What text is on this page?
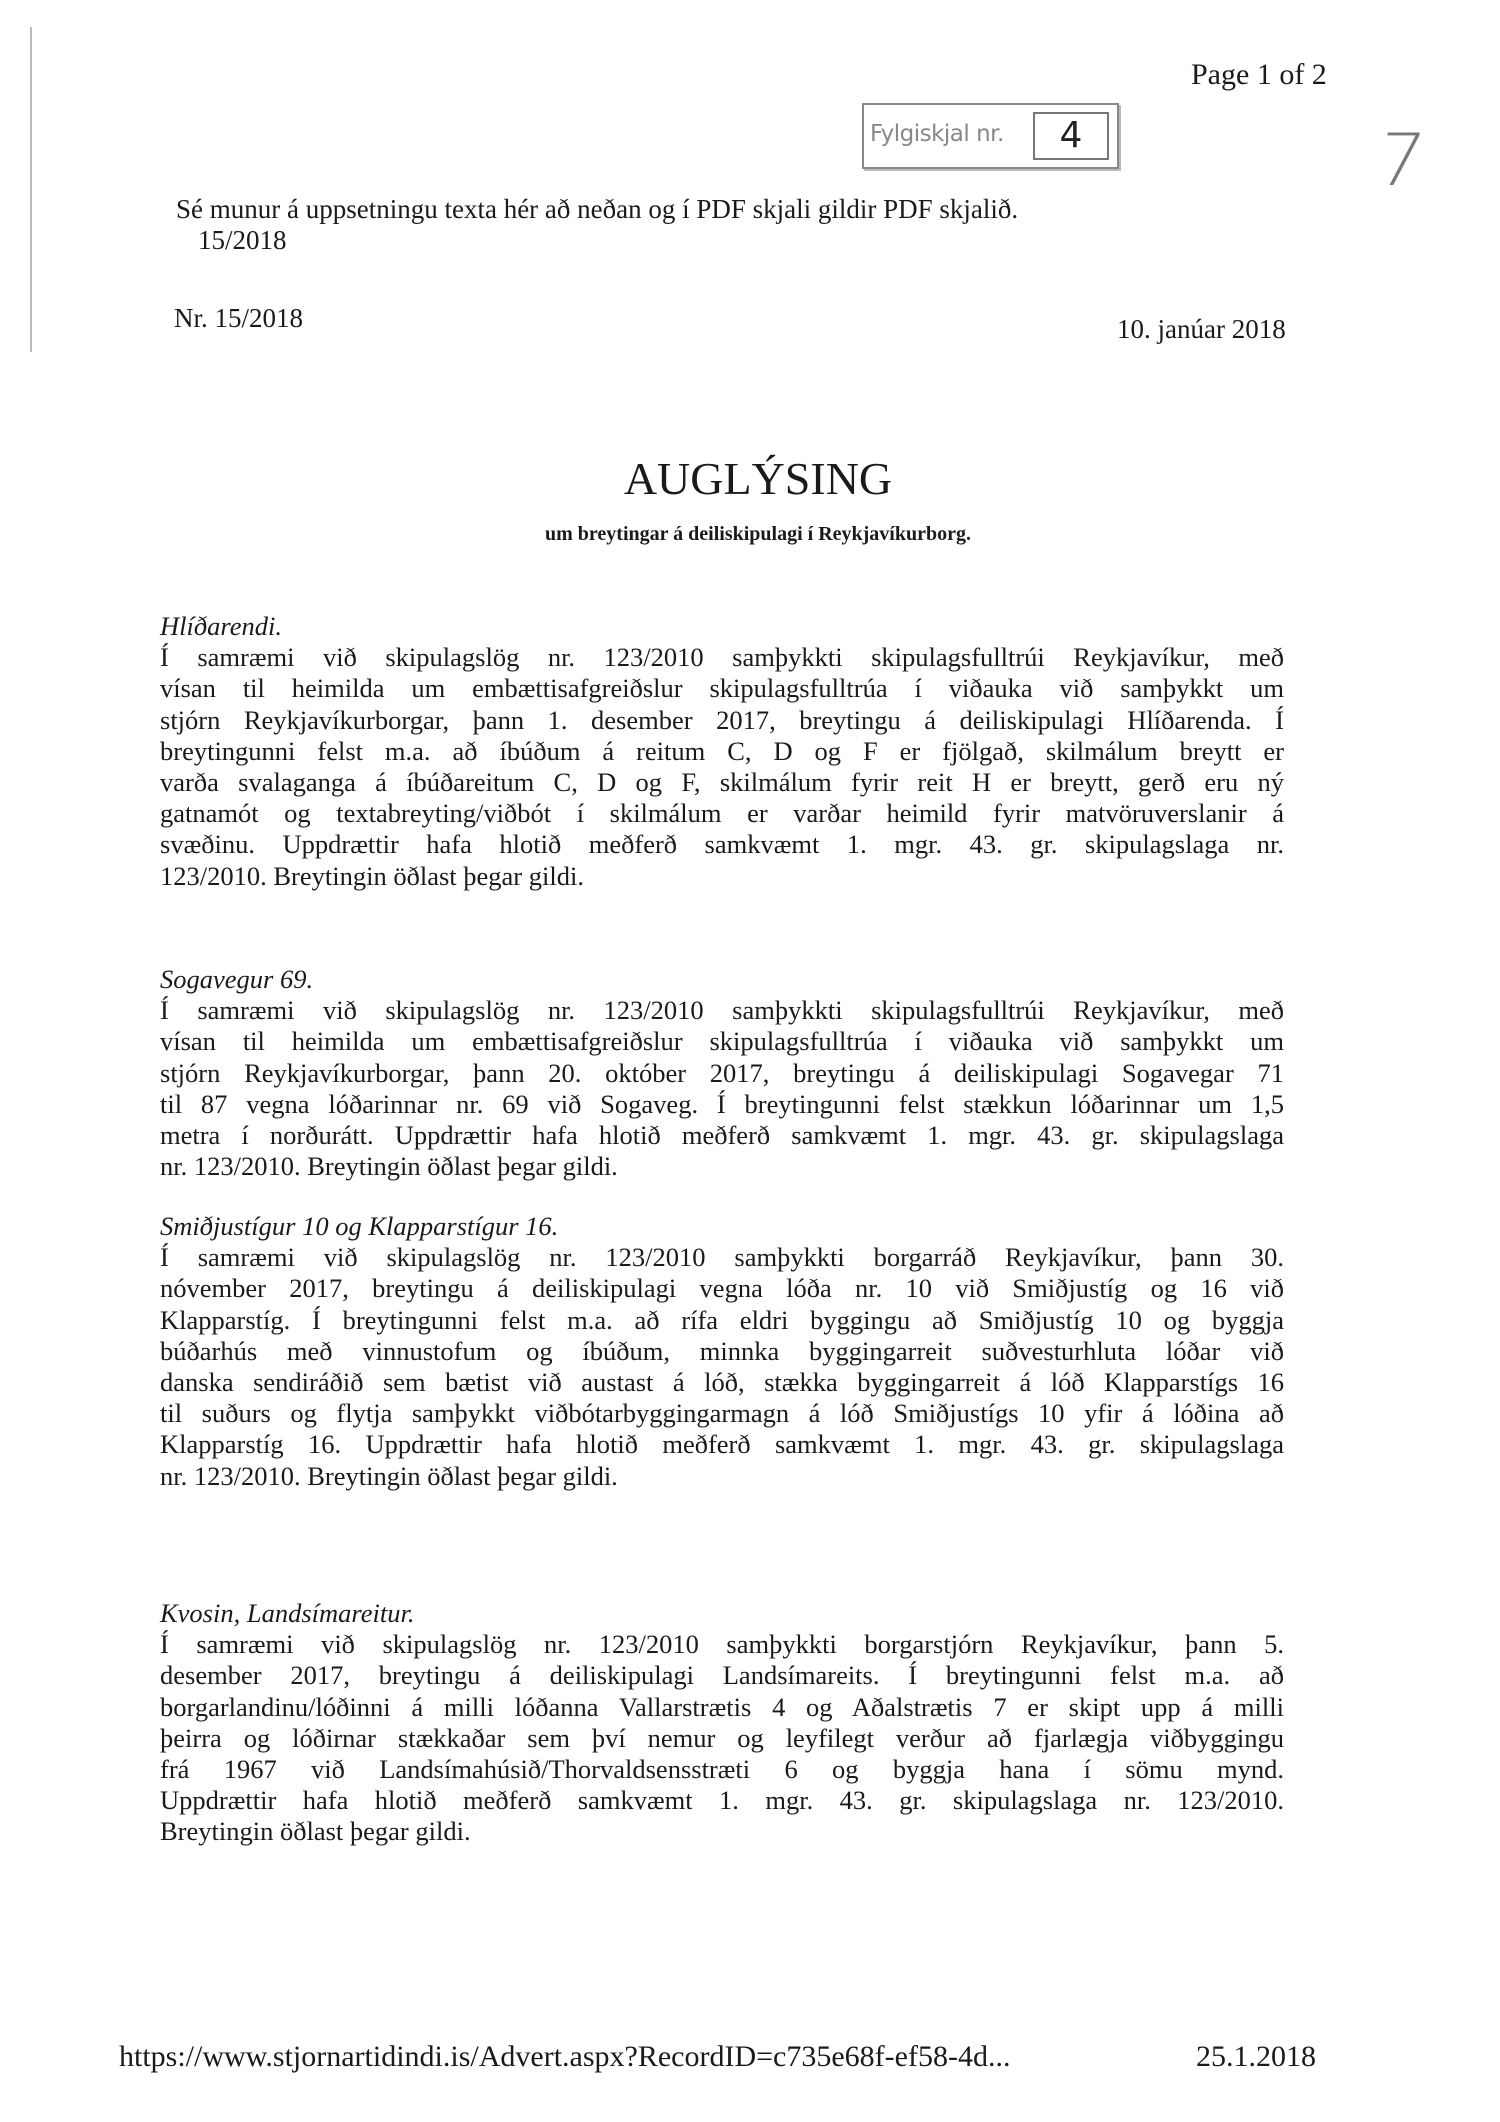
Page 1 of 2
Fylgiskjal nr.	4	7
Sé munur á uppsetningu texta hér að neðan og í PDF skjali gildir PDF skjalið.
15/2018
Nr. 15/2018	10. janúar 2018
AUGLÝSING
um breytingar á deiliskipulagi í Reykjavíkurborg.
Hlíðarendi.
Í samræmi við skipulagslög nr. 123/2010 samþykkti skipulagsfulltrúi Reykjavíkur, með
vísan til heimilda um embættisafgreiðslur skipulagsfulltrúa í viðauka við samþykkt um
stjórn Reykjavíkurborgar, þann 1. desember 2017, breytingu á deiliskipulagi Hlíðarenda. Í
breytingunni felst m.a. að íbúðum á reitum C, D og F er fjölgað, skilmálum breytt er
varða svalaganga á íbúðareitum C, D og F, skilmálum fyrir reit H er breytt, gerð eru ný
gatnamót og textabreyting/viðbót í skilmálum er varðar heimild fyrir matvöruverslanir á
svæðinu. Uppdrættir hafa hlotið meðferð samkvæmt 1. mgr. 43. gr. skipulagslaga nr.
123/2010. Breytingin öðlast þegar gildi.
Sogavegur 69.
Í samræmi við skipulagslög nr. 123/2010 samþykkti skipulagsfulltrúi Reykjavíkur, með
vísan til heimilda um embættisafgreiðslur skipulagsfulltrúa í viðauka við samþykkt um
stjórn Reykjavíkurborgar, þann 20. október 2017, breytingu á deiliskipulagi Sogavegar 71
til 87 vegna lóðarinnar nr. 69 við Sogaveg. Í breytingunni felst stækkun lóðarinnar um 1,5
metra í norðurátt. Uppdrættir hafa hlotið meðferð samkvæmt 1. mgr. 43. gr. skipulagslaga
nr. 123/2010. Breytingin öðlast þegar gildi.
Smiðjustígur 10 og Klapparstígur 16.
Í samræmi við skipulagslög nr. 123/2010 samþykkti borgarráð Reykjavíkur, þann 30.
nóvember 2017, breytingu á deiliskipulagi vegna lóða nr. 10 við Smiðjustíg og 16 við
Klapparstíg. Í breytingunni felst m.a. að rífa eldri byggingu að Smiðjustíg 10 og byggja
búðarhús með vinnustofum og íbúðum, minnka byggingarreit suðvesturhluta lóðar við
danska sendiráðið sem bætist við austast á lóð, stækka byggingarreit á lóð Klapparstígs 16
til suðurs og flytja samþykkt viðbótarbyggingarmagn á lóð Smiðjustígs 10 yfir á lóðina að
Klapparstíg 16. Uppdrættir hafa hlotið meðferð samkvæmt 1. mgr. 43. gr. skipulagslaga
nr. 123/2010. Breytingin öðlast þegar gildi.
Kvosin, Landsímareitur.
Í samræmi við skipulagslög nr. 123/2010 samþykkti borgarstjórn Reykjavíkur, þann 5.
desember 2017, breytingu á deiliskipulagi Landsímareits. Í breytingunni felst m.a. að
borgarlandinu/lóðinni á milli lóðanna Vallarstrætis 4 og Aðalstrætis 7 er skipt upp á milli
þeirra og lóðirnar stækkaðar sem því nemur og leyfilegt verður að fjarlægja viðbyggingu
frá 1967 við Landsímahúsið/Thorvaldsensstræti 6 og byggja hana í sömu mynd.
Uppdrættir hafa hlotið meðferð samkvæmt 1. mgr. 43. gr. skipulagslaga nr. 123/2010.
Breytingin öðlast þegar gildi.
https://www.stjornartidindi.is/Advert.aspx?RecordID=c735e68f-ef58-4d...	25.1.2018
